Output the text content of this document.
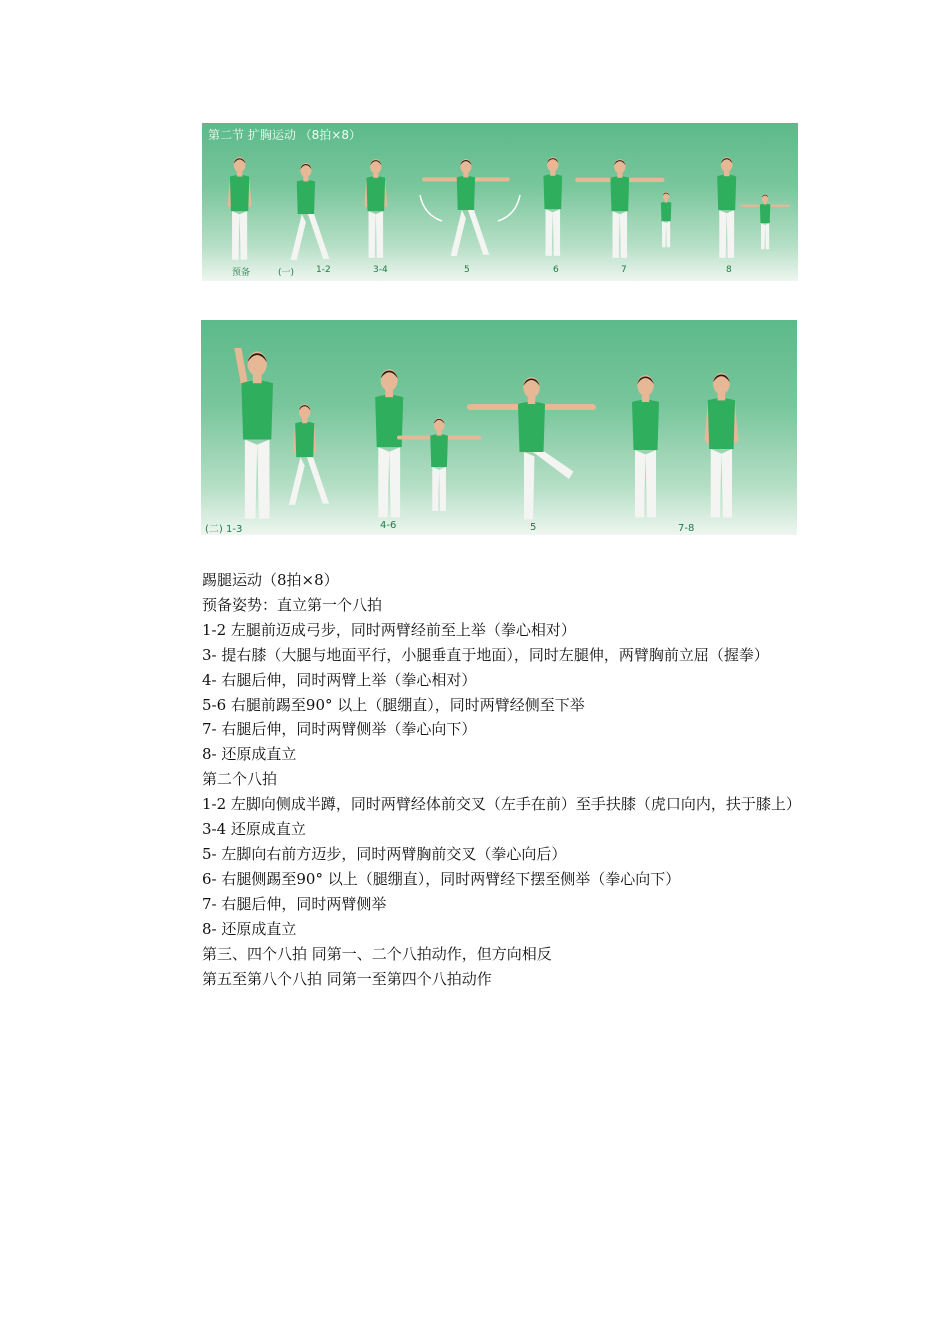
第二节 扩胸运动 （8拍×8）
预备	(一) 1-2	3-4	5	6	7	8
(二) 1-3	4-6	5	7-8

踢腿运动（8拍×8）

预备姿势：直立第一个八拍

1-2 左腿前迈成弓步，同时两臂经前至上举（拳心相对）

3- 提右膝（大腿与地面平行，小腿垂直于地面），同时左腿伸，两臂胸前立屈（握拳）

4- 右腿后伸，同时两臂上举（拳心相对）

5-6 右腿前踢至90° 以上（腿绷直），同时两臂经侧至下举

7- 右腿后伸，同时两臂侧举（拳心向下）

8- 还原成直立

第二个八拍

1-2 左脚向侧成半蹲，同时两臂经体前交叉（左手在前）至手扶膝（虎口向内，扶于膝上）

3-4 还原成直立

5- 左脚向右前方迈步，同时两臂胸前交叉（拳心向后）

6- 右腿侧踢至90° 以上（腿绷直），同时两臂经下摆至侧举（拳心向下）

7- 右腿后伸，同时两臂侧举

8- 还原成直立

第三、四个八拍 同第一、二个八拍动作，但方向相反

第五至第八个八拍 同第一至第四个八拍动作
